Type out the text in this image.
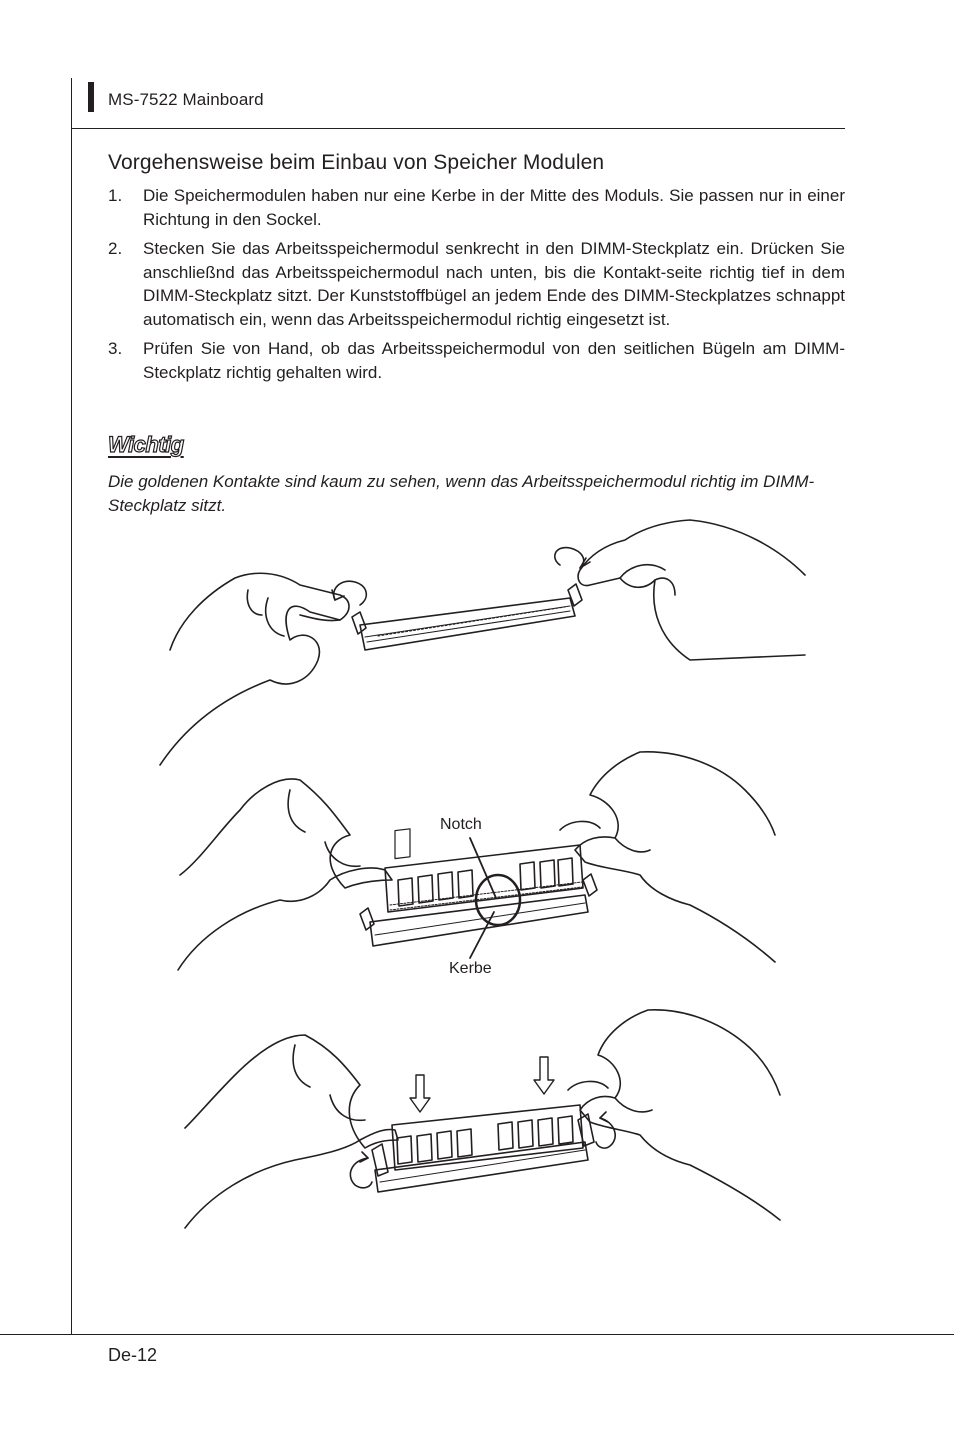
MS-7522 Mainboard
Vorgehensweise beim Einbau von Speicher Modulen
1.	Die Speichermodulen haben nur eine Kerbe in der Mitte des Moduls. Sie passen nur in einer Richtung in den Sockel.
2.	Stecken Sie das Arbeitsspeichermodul senkrecht in den DIMM-Steckplatz ein. Drücken Sie anschließnd das Arbeitsspeichermodul nach unten, bis die Kontakt-seite richtig tief in dem DIMM-Steckplatz sitzt. Der Kunststoffbügel an jedem Ende des DIMM-Steckplatzes schnappt automatisch ein, wenn das Arbeitsspeichermodul richtig eingesetzt ist.
3.	Prüfen Sie von Hand, ob das Arbeitsspeichermodul von den seitlichen Bügeln am DIMM-Steckplatz richtig gehalten wird.
Wichtig
Die goldenen Kontakte sind kaum zu sehen, wenn das Arbeitsspeichermodul richtig im DIMM-Steckplatz sitzt.
Notch
Kerbe
De-12
